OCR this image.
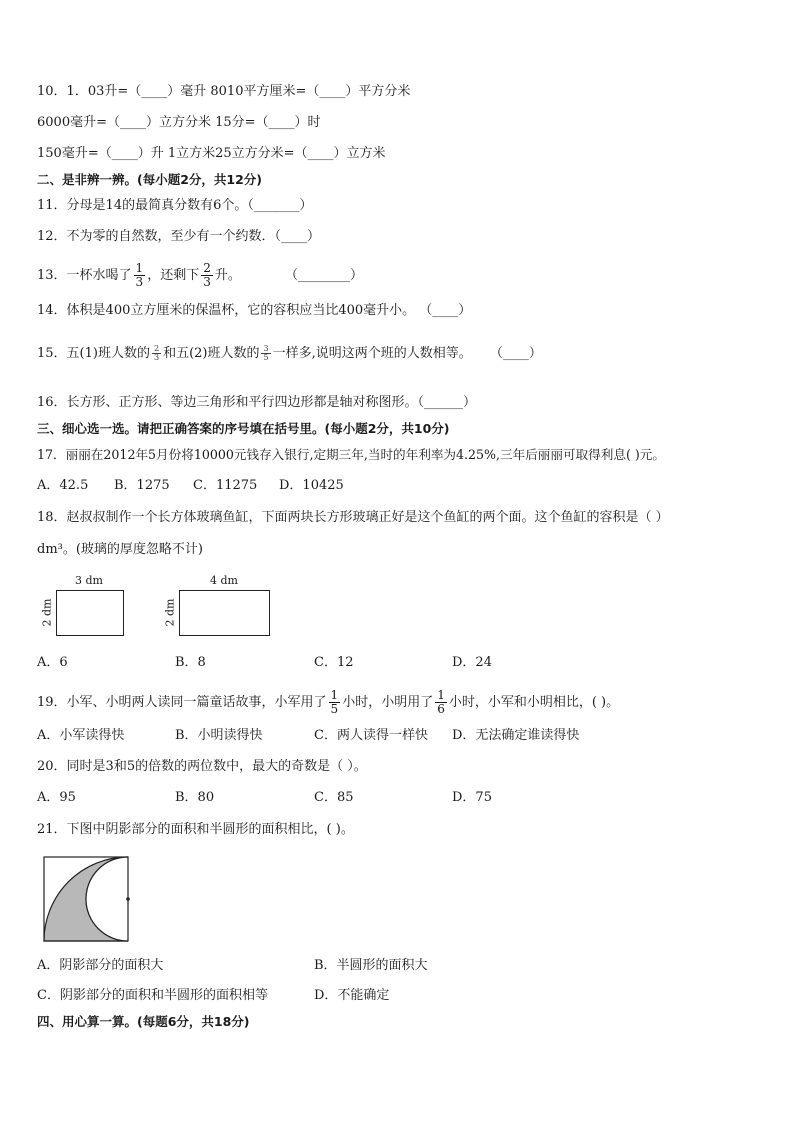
10．1．03升=（____）毫升 8010平方厘米=（____）平方分米
6000毫升=（____）立方分米 15分=（____）时
150毫升=（____）升 1立方米25立方分米=（____）立方米
二、是非辨一辨。(每小题2分，共12分)
11．分母是14的最简真分数有6个。（_______）
12．不为零的自然数，至少有一个约数．（____）
13．一杯水喝了 $\frac{1}{3}$ ，还剩下 $\frac{2}{3}$ 升。	（________）
14．体积是400立方厘米的保温杯，它的容积应当比400毫升小。 （____）
15．五(1)班人数的 $\frac{2}{3}$ 和五(2)班人数的 $\frac{3}{5}$ 一样多,说明这两个班的人数相等。 （____）
16．长方形、正方形、等边三角形和平行四边形都是轴对称图形。（______）
三、细心选一选。请把正确答案的序号填在括号里。(每小题2分，共10分)
17．丽丽在2012年5月份将10000元钱存入银行,定期三年,当时的年利率为4.25%,三年后丽丽可取得利息( )元。
A．42.5 B．1275 C．11275 D．10425
18．赵叔叔制作一个长方体玻璃鱼缸，下面两块长方形玻璃正好是这个鱼缸的两个面。这个鱼缸的容积是（ ）
dm³。(玻璃的厚度忽略不计)
3 dm
2 dm
4 dm
2 dm
A．6	B．8	C．12	D．24
19．小军、小明两人读同一篇童话故事，小军用了 $\frac{1}{5}$ 小时，小明用了 $\frac{1}{6}$ 小时，小军和小明相比，( )。
A．小军读得快	B．小明读得快	C．两人读得一样快 D．无法确定谁读得快
20．同时是3和5的倍数的两位数中，最大的奇数是（ ）。
A．95	B．80	C．85	D．75
21．下图中阴影部分的面积和半圆形的面积相比，( )。
A．阴影部分的面积大	B．半圆形的面积大
C．阴影部分的面积和半圆形的面积相等	D．不能确定
四、用心算一算。(每题6分，共18分)
